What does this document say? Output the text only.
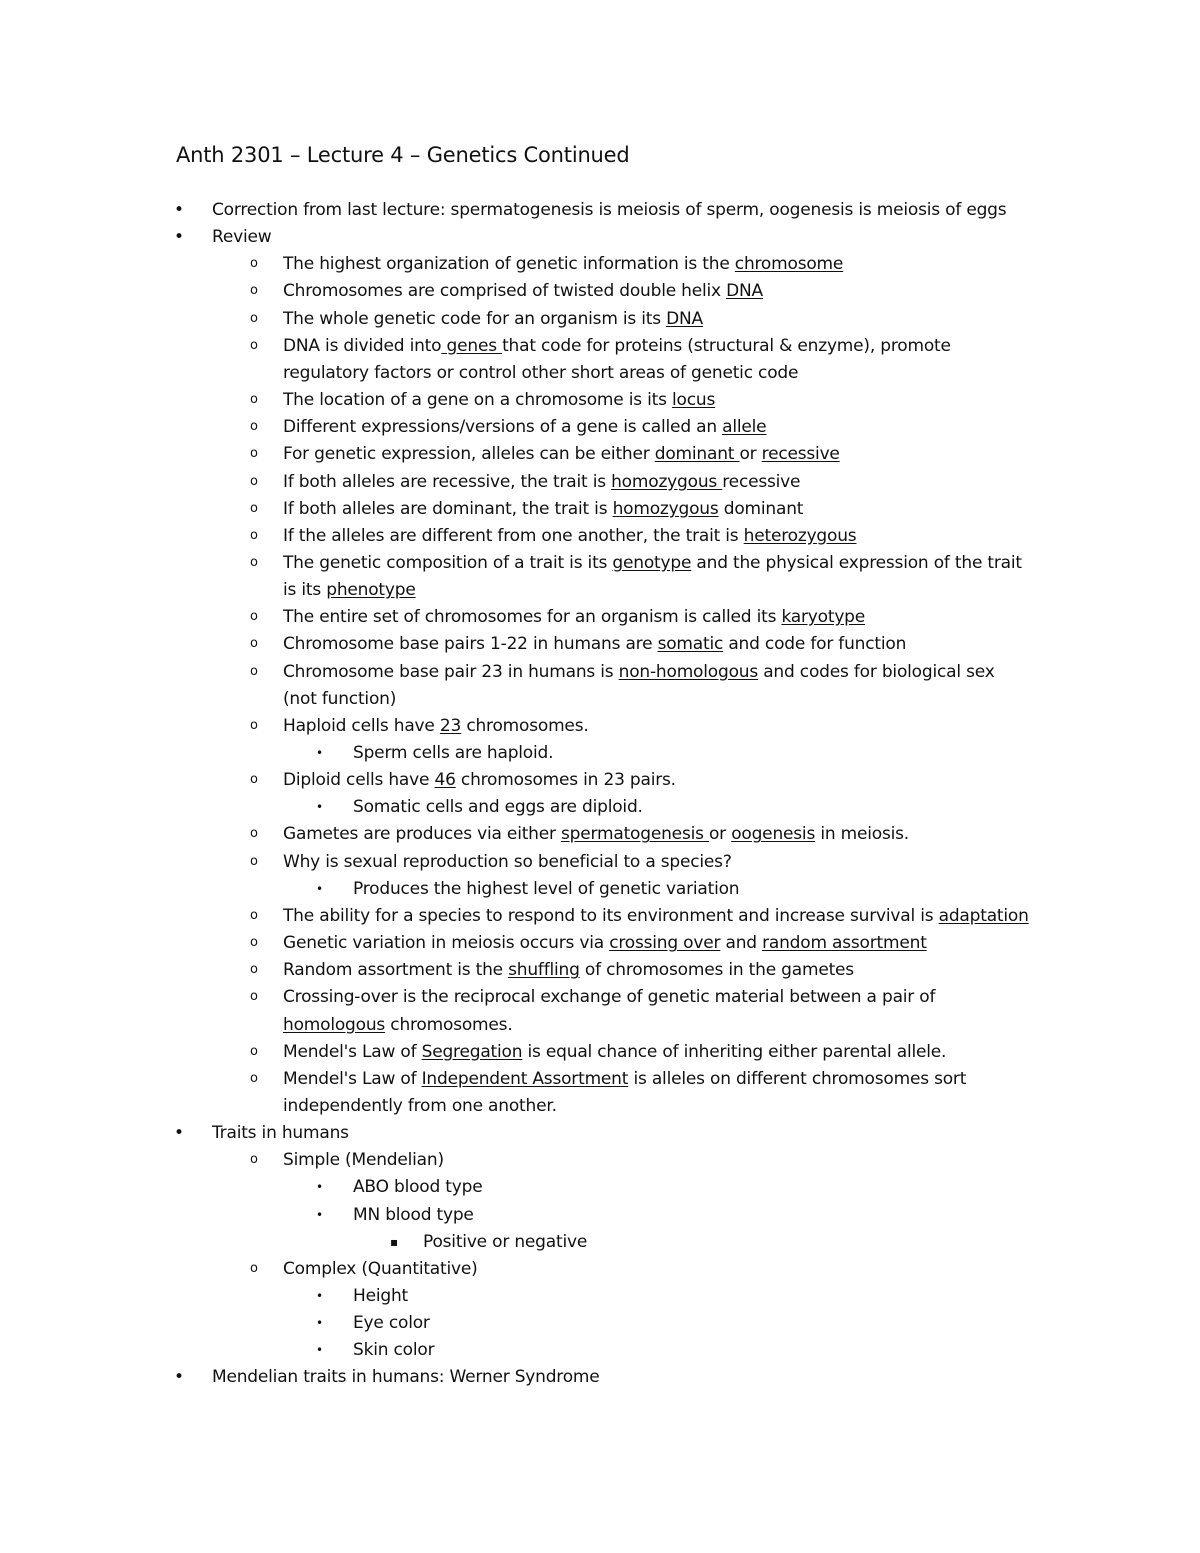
Anth 2301 – Lecture 4 – Genetics Continued
• Correction from last lecture: spermatogenesis is meiosis of sperm, oogenesis is meiosis of eggs
• Review
o The highest organization of genetic information is the chromosome
o Chromosomes are comprised of twisted double helix DNA
o The whole genetic code for an organism is its DNA
o DNA is divided into genes that code for proteins (structural & enzyme), promote
regulatory factors or control other short areas of genetic code
o The location of a gene on a chromosome is its locus
o Different expressions/versions of a gene is called an allele
o For genetic expression, alleles can be either dominant or recessive
o If both alleles are recessive, the trait is homozygous recessive
o If both alleles are dominant, the trait is homozygous dominant
o If the alleles are different from one another, the trait is heterozygous
o The genetic composition of a trait is its genotype and the physical expression of the trait
is its phenotype
o The entire set of chromosomes for an organism is called its karyotype
o Chromosome base pairs 1-22 in humans are somatic and code for function
o Chromosome base pair 23 in humans is non-homologous and codes for biological sex
(not function)
o Haploid cells have 23 chromosomes.
• Sperm cells are haploid.
o Diploid cells have 46 chromosomes in 23 pairs.
• Somatic cells and eggs are diploid.
o Gametes are produces via either spermatogenesis or oogenesis in meiosis.
o Why is sexual reproduction so beneficial to a species?
• Produces the highest level of genetic variation
o The ability for a species to respond to its environment and increase survival is adaptation
o Genetic variation in meiosis occurs via crossing over and random assortment
o Random assortment is the shuffling of chromosomes in the gametes
o Crossing-over is the reciprocal exchange of genetic material between a pair of
homologous chromosomes.
o Mendel's Law of Segregation is equal chance of inheriting either parental allele.
o Mendel's Law of Independent Assortment is alleles on different chromosomes sort
independently from one another.
• Traits in humans
o Simple (Mendelian)
• ABO blood type
• MN blood type
▪ Positive or negative
o Complex (Quantitative)
• Height
• Eye color
• Skin color
• Mendelian traits in humans: Werner Syndrome
